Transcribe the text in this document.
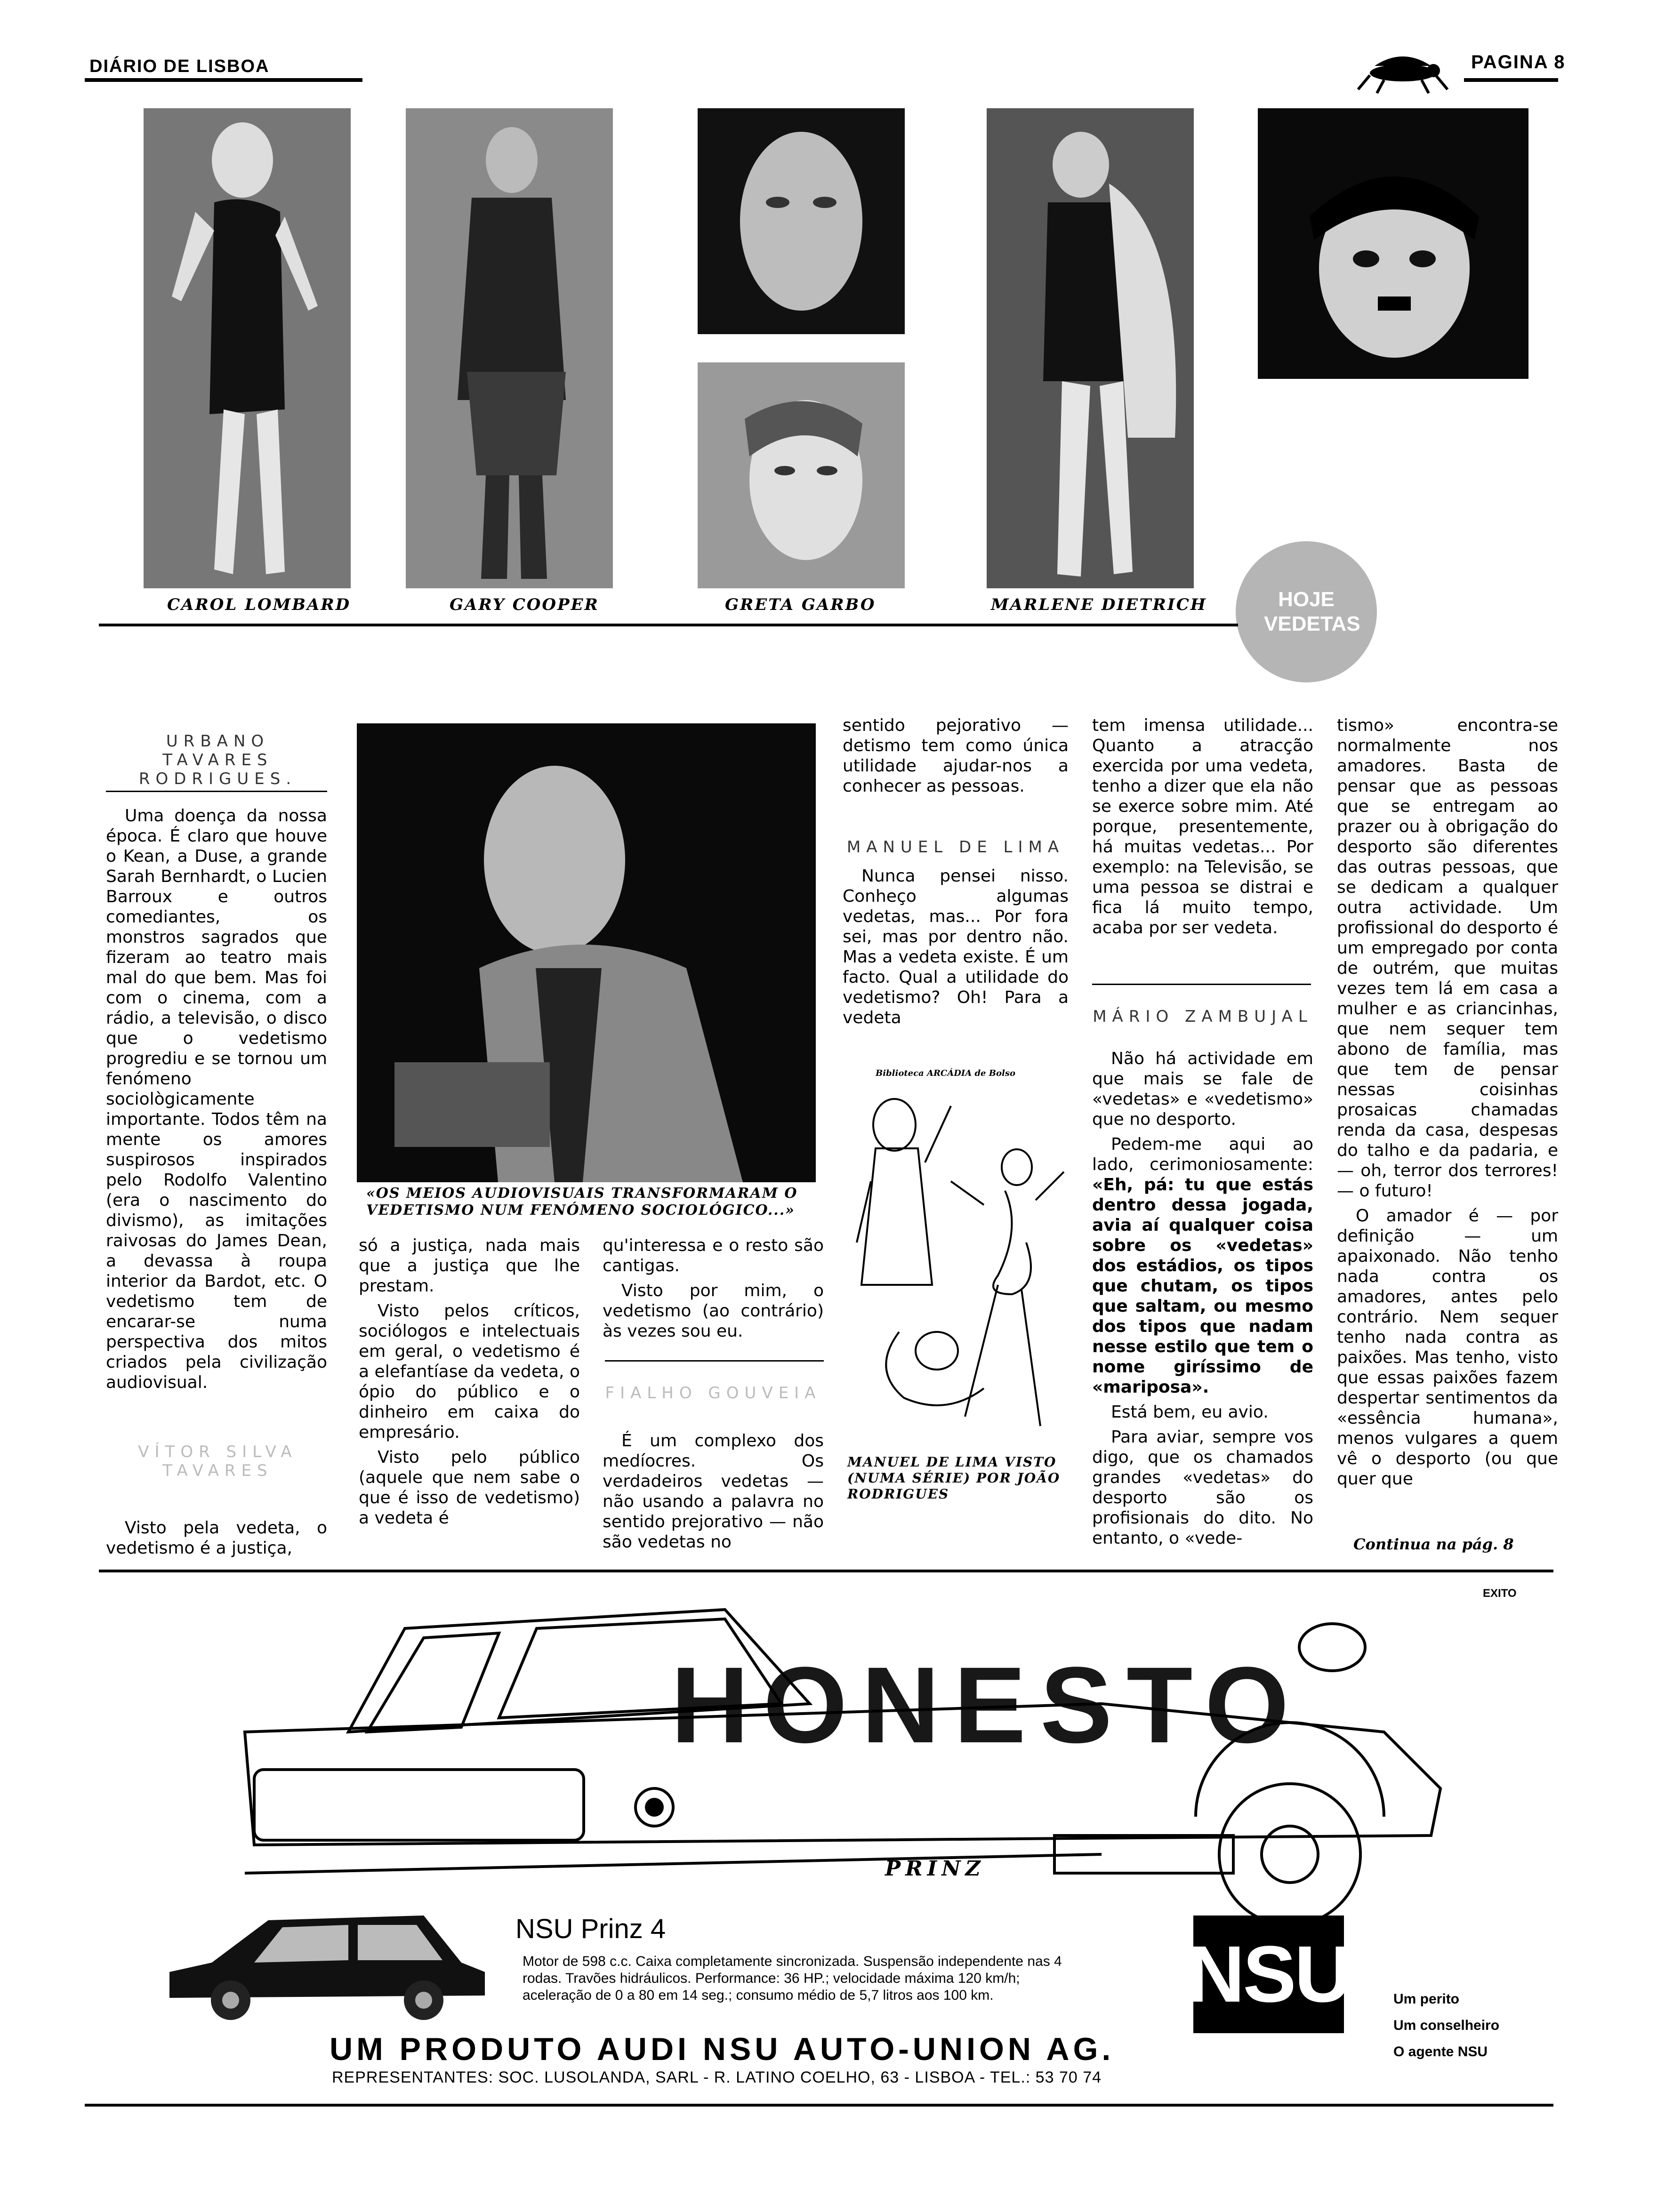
DIÁRIO DE LISBOA	PAGINA 8
CAROL LOMBARD	GARY COOPER	GRETA GARBO	MARLENE DIETRICH	HOJE VEDETAS
URBANO TAVARES RODRIGUES.

Uma doença da nossa época. É claro que houve o Kean, a Duse, a grande Sarah Bernhardt, o Lucien Barroux e outros comediantes, os monstros sagrados que fizeram ao teatro mais mal do que bem. Mas foi com o cinema, com a rádio, a televisão, o disco que o vedetismo progrediu e se tornou um fenómeno sociològicamente importante. Todos têm na mente os amores suspirosos inspirados pelo Rodolfo Valentino (era o nascimento do divismo), as imitações raivosas do James Dean, a devassa à roupa interior da Bardot, etc. O vedetismo tem de encarar-se numa perspectiva dos mitos criados pela civilização audiovisual.

VÍTOR SILVA TAVARES

Visto pela vedeta, o vedetismo é a justiça,

«OS MEIOS AUDIOVISUAIS TRANSFORMARAM O VEDETISMO NUM FENÓMENO SOCIOLÓGICO...»

só a justiça, nada mais que a justiça que lhe prestam.

Visto pelos críticos, sociólogos e intelectuais em geral, o vedetismo é a elefantíase da vedeta, o ópio do público e o dinheiro em caixa do empresário.

Visto pelo público (aquele que nem sabe o que é isso de vedetismo) a vedeta é

qu'interessa e o resto são cantigas.

Visto por mim, o vedetismo (ao contrário) às vezes sou eu.

FIALHO GOUVEIA

É um complexo dos medíocres. Os verdadeiros vedetas — não usando a palavra no sentido prejorativo — não são vedetas no

sentido pejorativo — detismo tem como única utilidade ajudar-nos a conhecer as pessoas.

MANUEL DE LIMA

Nunca pensei nisso. Conheço algumas vedetas, mas... Por fora sei, mas por dentro não. Mas a vedeta existe. É um facto. Qual a utilidade do vedetismo? Oh! Para a vedeta

Biblioteca ARCÁDIA de Bolso
MANUEL DE LIMA VISTO (NUMA SÉRIE) POR JOÃO RODRIGUES

tem imensa utilidade... Quanto a atracção exercida por uma vedeta, tenho a dizer que ela não se exerce sobre mim. Até porque, presentemente, há muitas vedetas... Por exemplo: na Televisão, se uma pessoa se distrai e fica lá muito tempo, acaba por ser vedeta.

MÁRIO ZAMBUJAL

Não há actividade em que mais se fale de «vedetas» e «vedetismo» que no desporto.

Pedem-me aqui ao lado, cerimoniosamente: «Eh, pá: tu que estás dentro dessa jogada, avia aí qualquer coisa sobre os «vedetas» dos estádios, os tipos que chutam, os tipos que saltam, ou mesmo dos tipos que nadam nesse estilo que tem o nome giríssimo de «mariposa».

Está bem, eu avio.

Para aviar, sempre vos digo, que os chamados grandes «vedetas» do desporto são os profisionais do dito. No entanto, o «vede-

tismo» encontra-se normalmente nos amadores. Basta de pensar que as pessoas que se entregam ao prazer ou à obrigação do desporto são diferentes das outras pessoas, que se dedicam a qualquer outra actividade. Um profissional do desporto é um empregado por conta de outrém, que muitas vezes tem lá em casa a mulher e as criancinhas, que nem sequer tem abono de família, mas que tem de pensar nessas coisinhas prosaicas chamadas renda da casa, despesas do talho e da padaria, e — oh, terror dos terrores! — o futuro!

O amador é — por definição — um apaixonado. Não tenho nada contra os amadores, antes pelo contrário. Nem sequer tenho nada contra as paixões. Mas tenho, visto que essas paixões fazem despertar sentimentos da «essência humana», menos vulgares a quem vê o desporto (ou que quer que

Continua na pág. 8
EXITO
HONESTO
PRINZ
NSU Prinz 4
Motor de 598 c.c. Caixa completamente sincronizada. Suspensão independente nas 4 rodas. Travões hidráulicos. Performance: 36 HP.; velocidade máxima 120 km/h; aceleração de 0 a 80 em 14 seg.; consumo médio de 5,7 litros aos 100 km.	NSU
UM PRODUTO AUDI NSU AUTO-UNION AG.
REPRESENTANTES: SOC. LUSOLANDA, SARL - R. LATINO COELHO, 63 - LISBOA - TEL.: 53 70 74
Um perito
Um conselheiro
O agente NSU
